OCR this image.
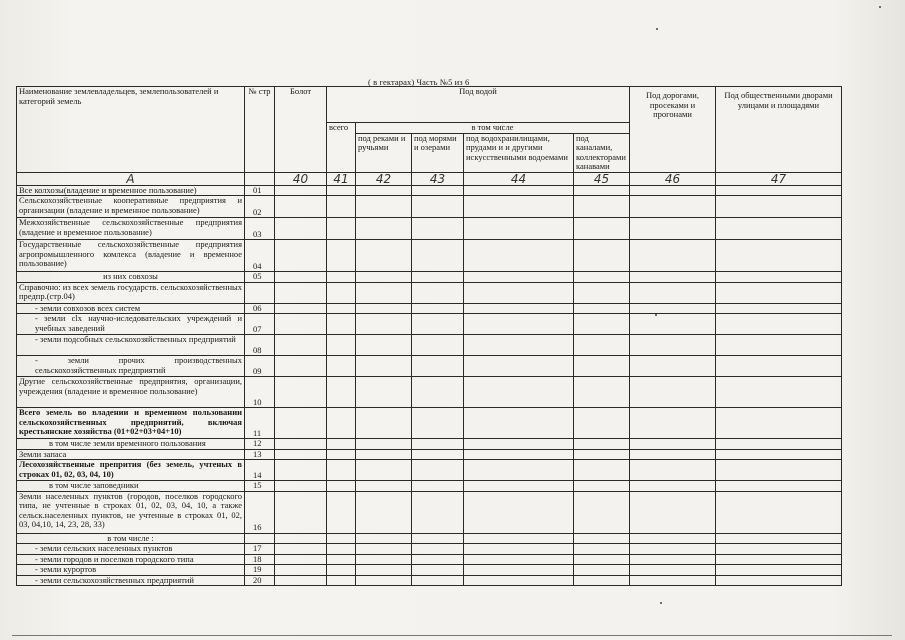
( в гектарах) Часть №5 из 6
Наименование землевладельцев, землепользователей и категорий земель	№ стр	Болот	Под водой					Под дорогами, просеками и прогонами	Под общественными дворами улицами и площадями
			всего	в том числе					
				под реками и ручьями	под морями и озерами	под водохранилищами, прудами и и другими искусственными водоемами	под каналами, коллекторами канавами		
А		40	41	42	43	44	45	46	47
Все колхозы(владение и временное пользование)	01								
Сельскохозяйственные кооперативные предприятия и организации (владение и временное пользование)	02								
Межхозяйственные сельскохозяйственные предприятия (владение и временное пользование)	03								
Государственные сельскохозяйственные предприятия агропромышленного комлекса (владение и временное пользование)	04								
из них совхозы	05								
Справочно: из всех земель государств. сельскохозяйственных предпр.(стр.04)									
- земли совхозов всех систем	06								
- земли сlx научно-иследовательских учреждений и учебных заведений	07								
- земли подсобных сельскохозяйственных предприятий	08								
- земли прочих производственных сельскохозяйственных предприятий	09								
Другие сельскохозяйственные предприятия, организации, учреждения (владение и временное пользование)	10								
Всего земель во владении и временном пользовании сельскохозяйственных предприятий, включая крестьянские хозяйства (01+02+03+04+10)	11								
в том числе земли временного пользования	12								
Земли запаса	13								
Лесохозяйственные препрития (без земель, учтеных в строках 01, 02, 03, 04, 10)	14								
в том числе заповедники	15								
Земли населенных пунктов (городов, поселков городского типа, не учтенные в строках 01, 02, 03, 04, 10, а также сельск.населенных пунктов, не учтенные в строках 01, 02, 03, 04,10, 14, 23, 28, 33)	16								
в том числе :									
- земли сельских населенных пунктов	17								
- земли городов и поселков городского типа	18								
- земли курортов	19								
- земли сельскохозяйственных предприятий	20								
